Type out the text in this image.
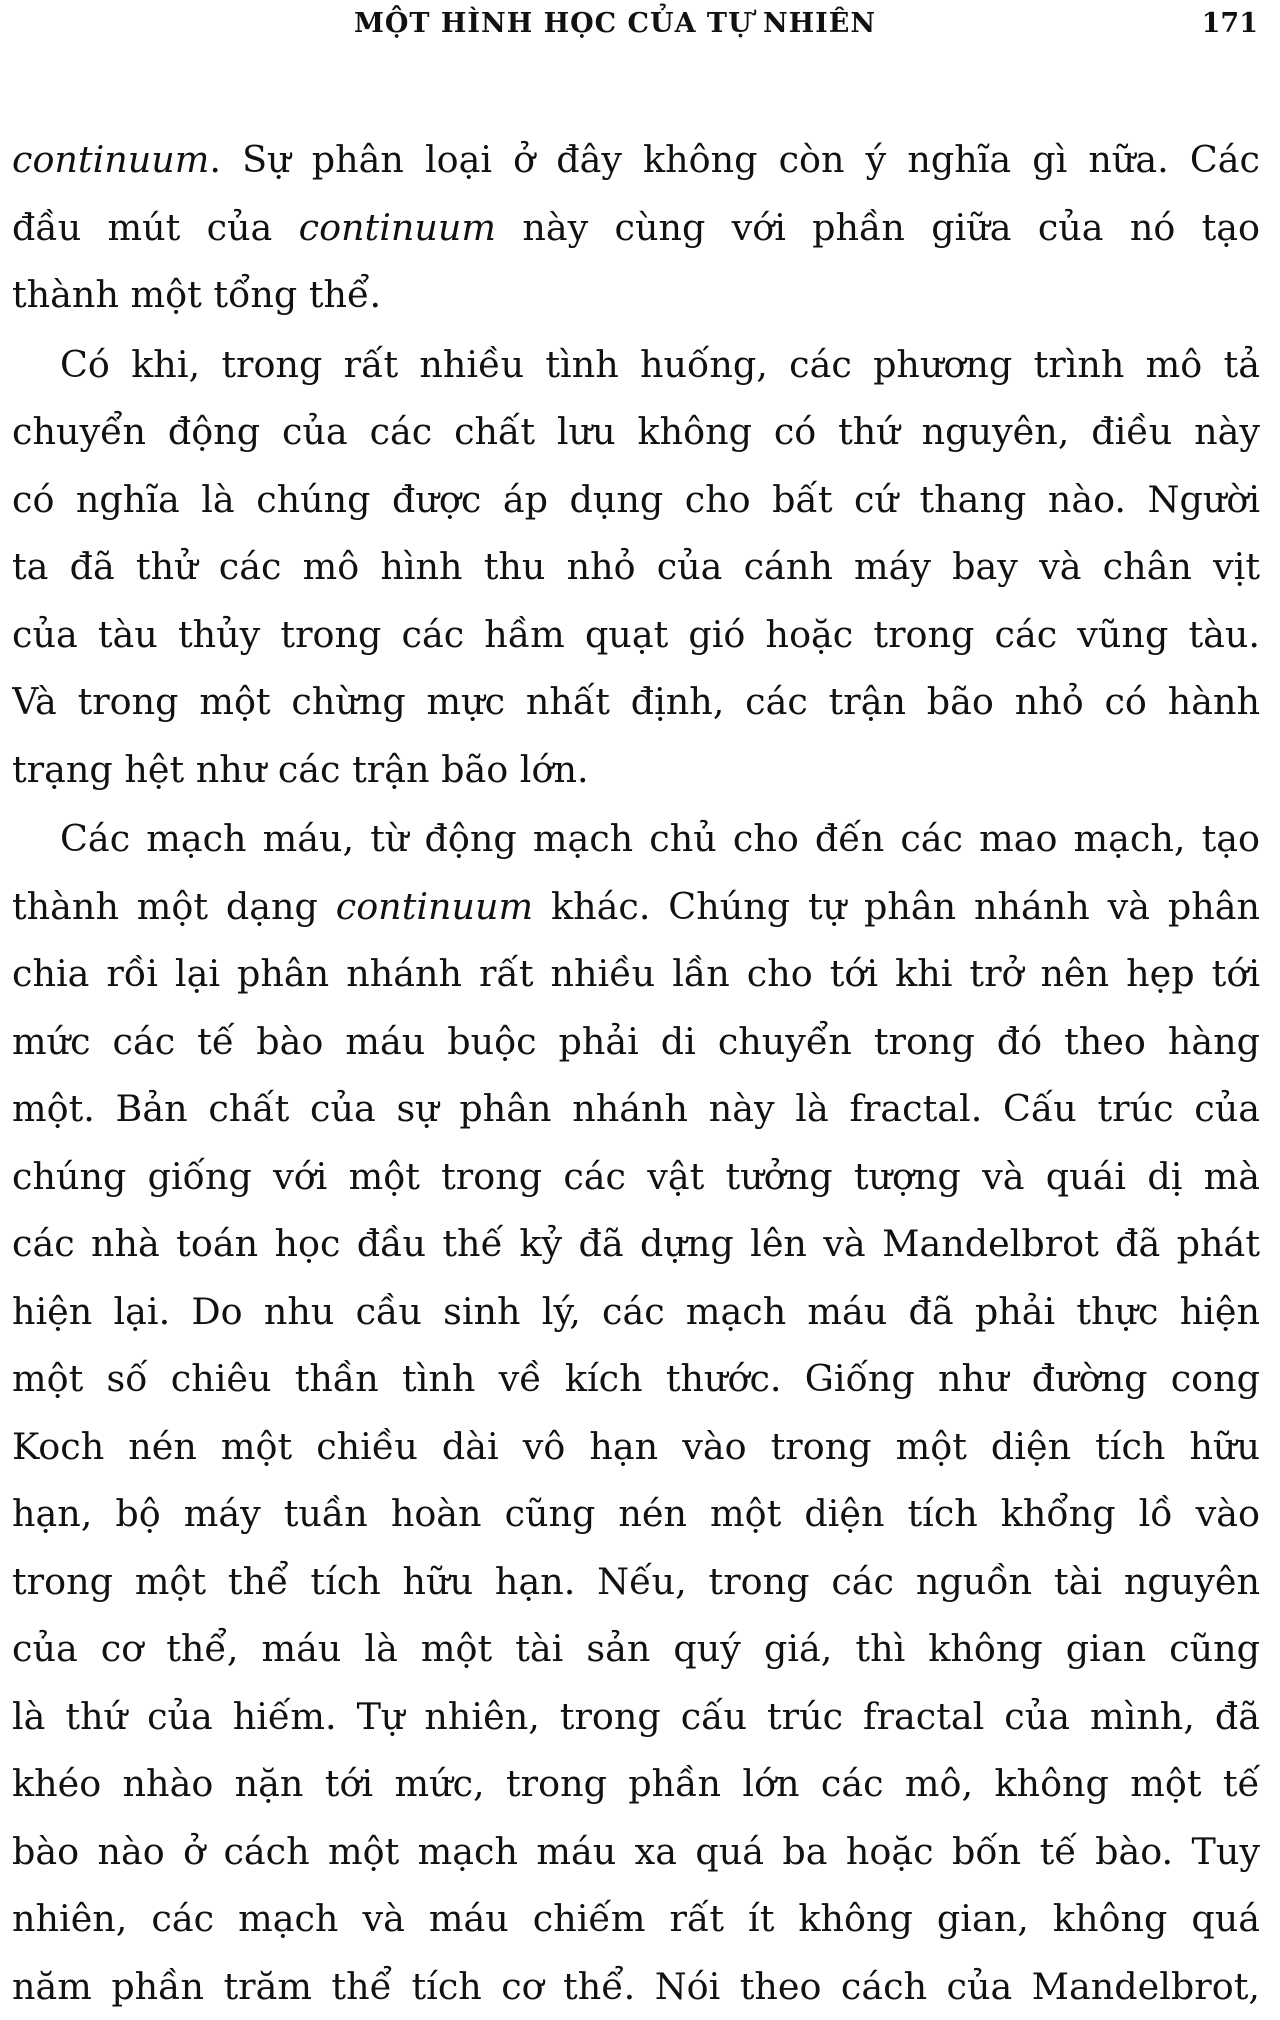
MỘT HÌNH HỌC CỦA TỰ NHIÊN	171
continuum. Sự phân loại ở đây không còn ý nghĩa gì nữa. Các
đầu mút của continuum này cùng với phần giữa của nó tạo
thành một tổng thể.
Có khi, trong rất nhiều tình huống, các phương trình mô tả
chuyển động của các chất lưu không có thứ nguyên, điều này
có nghĩa là chúng được áp dụng cho bất cứ thang nào. Người
ta đã thử các mô hình thu nhỏ của cánh máy bay và chân vịt
của tàu thủy trong các hầm quạt gió hoặc trong các vũng tàu.
Và trong một chừng mực nhất định, các trận bão nhỏ có hành
trạng hệt như các trận bão lớn.
Các mạch máu, từ động mạch chủ cho đến các mao mạch, tạo
thành một dạng continuum khác. Chúng tự phân nhánh và phân
chia rồi lại phân nhánh rất nhiều lần cho tới khi trở nên hẹp tới
mức các tế bào máu buộc phải di chuyển trong đó theo hàng
một. Bản chất của sự phân nhánh này là fractal. Cấu trúc của
chúng giống với một trong các vật tưởng tượng và quái dị mà
các nhà toán học đầu thế kỷ đã dựng lên và Mandelbrot đã phát
hiện lại. Do nhu cầu sinh lý, các mạch máu đã phải thực hiện
một số chiêu thần tình về kích thước. Giống như đường cong
Koch nén một chiều dài vô hạn vào trong một diện tích hữu
hạn, bộ máy tuần hoàn cũng nén một diện tích khổng lồ vào
trong một thể tích hữu hạn. Nếu, trong các nguồn tài nguyên
của cơ thể, máu là một tài sản quý giá, thì không gian cũng
là thứ của hiếm. Tự nhiên, trong cấu trúc fractal của mình, đã
khéo nhào nặn tới mức, trong phần lớn các mô, không một tế
bào nào ở cách một mạch máu xa quá ba hoặc bốn tế bào. Tuy
nhiên, các mạch và máu chiếm rất ít không gian, không quá
năm phần trăm thể tích cơ thể. Nói theo cách của Mandelbrot,
